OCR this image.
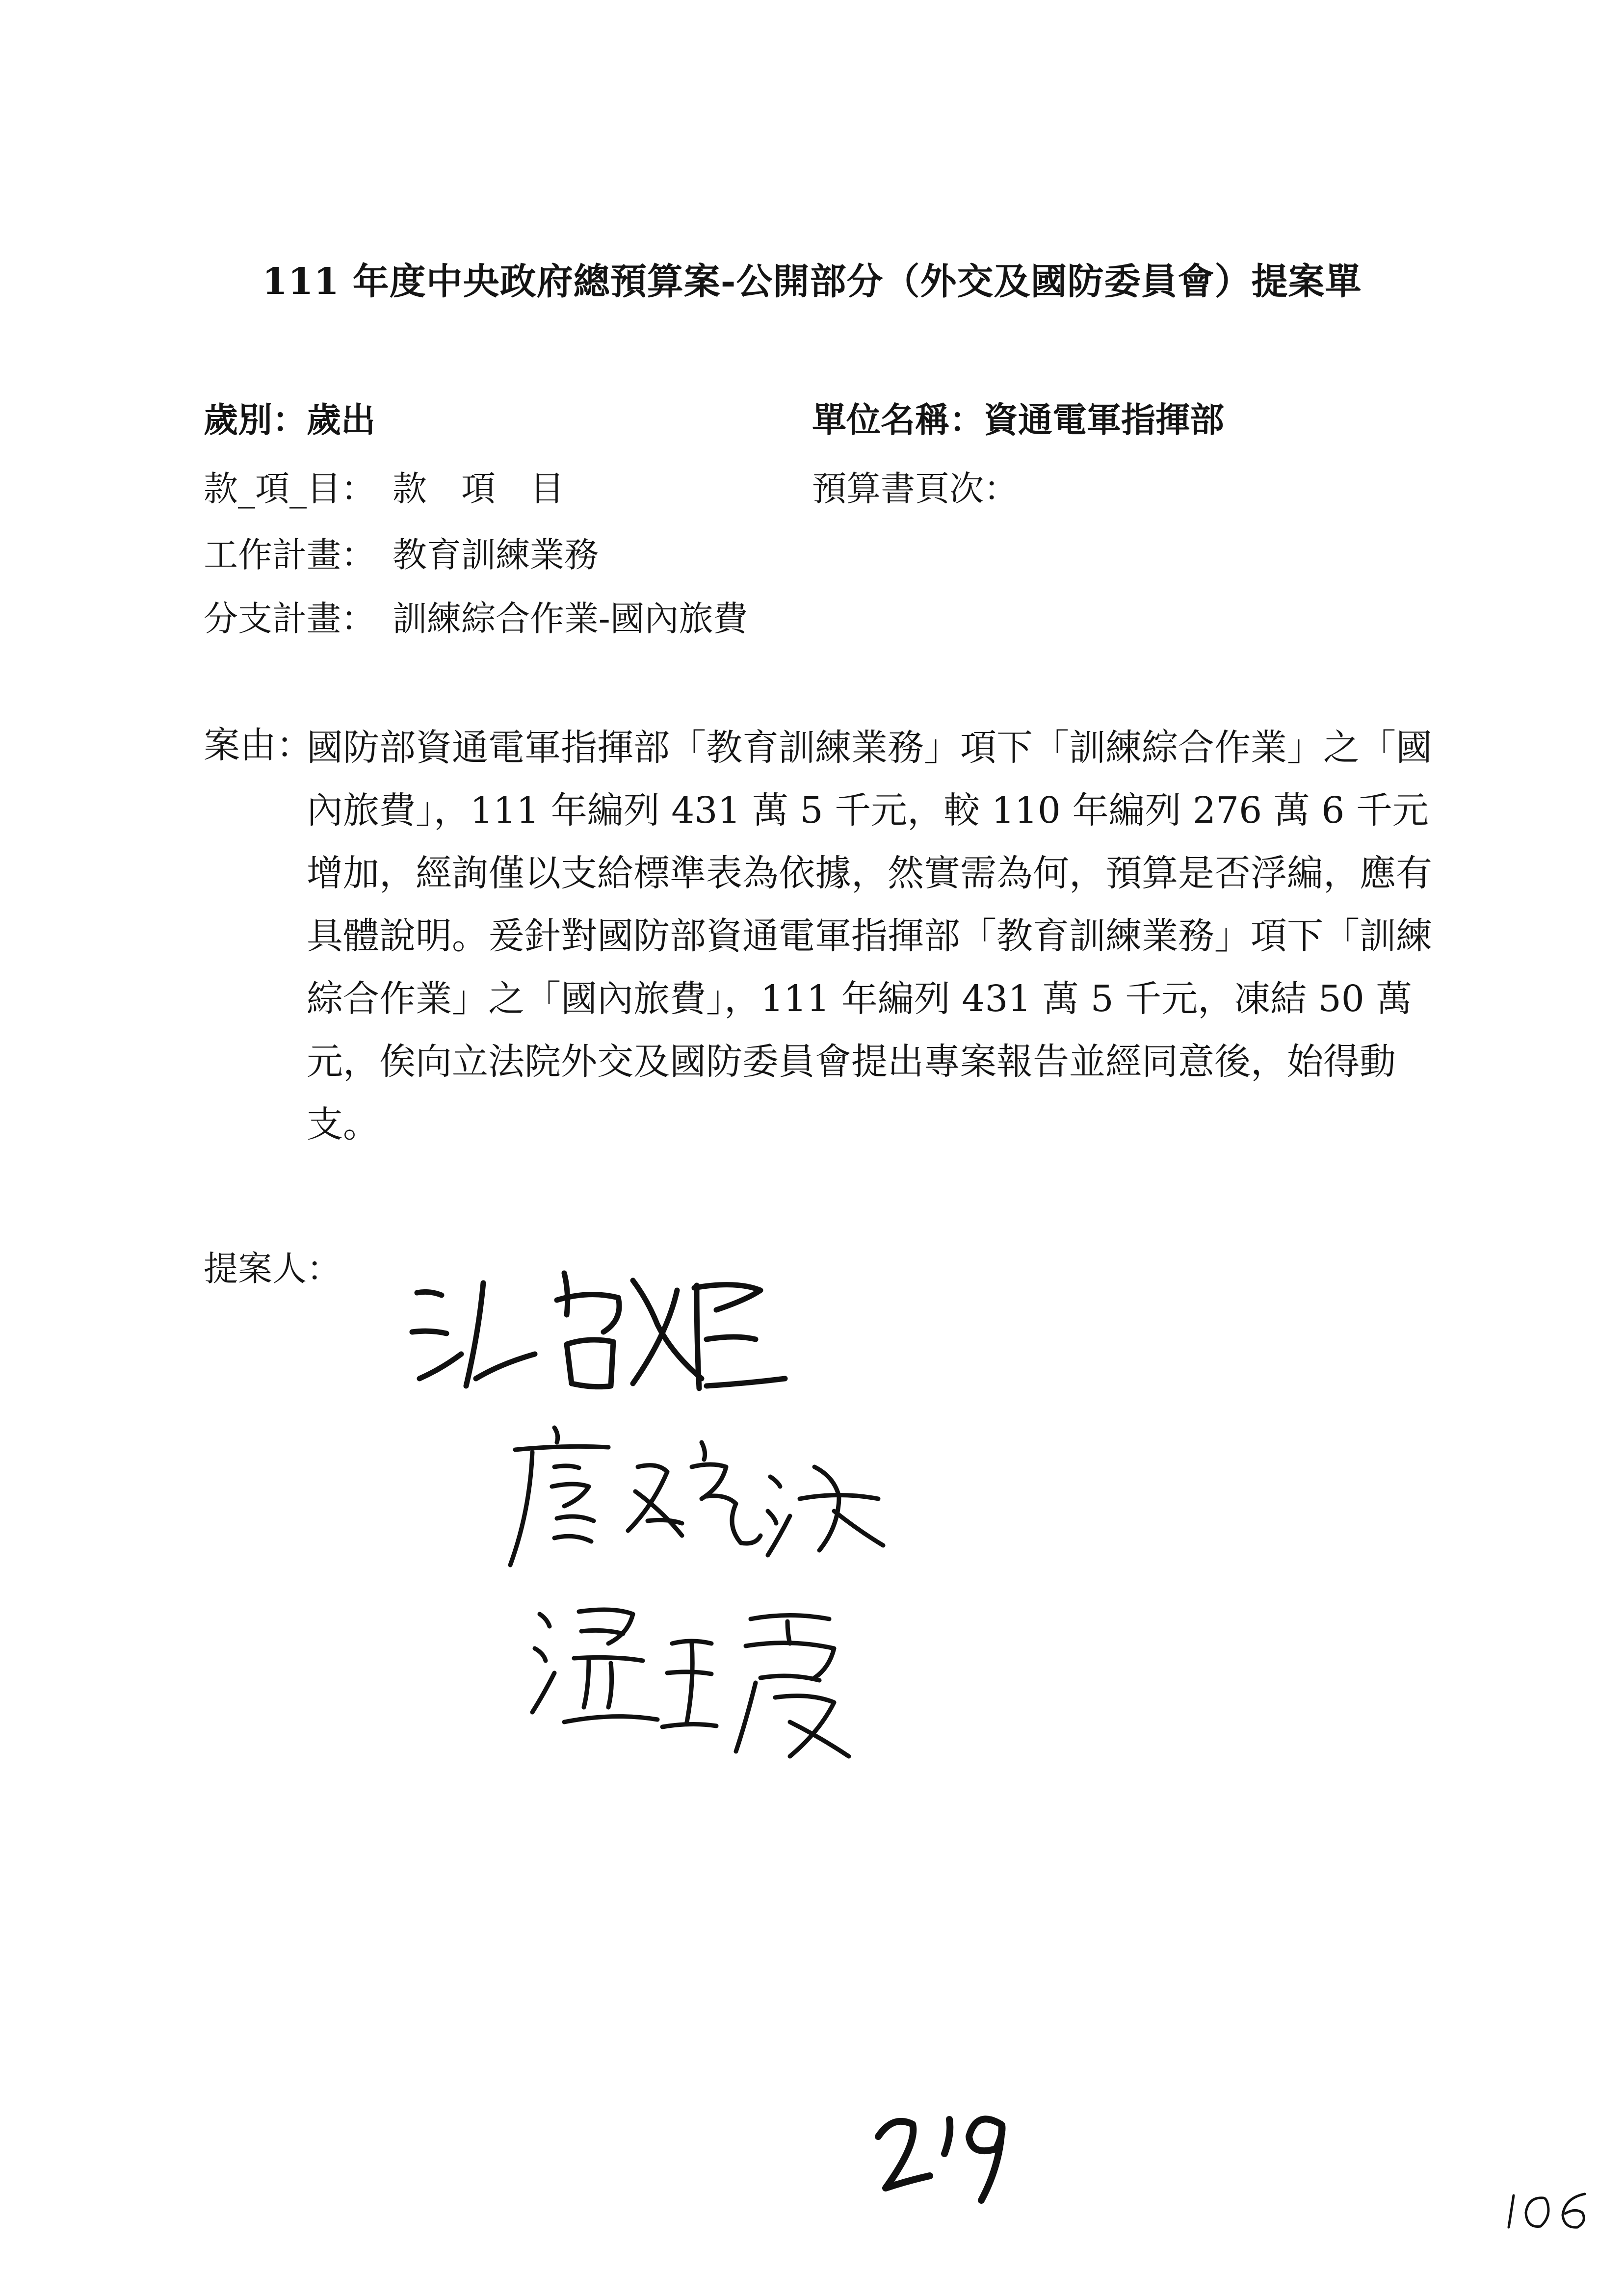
111 年度中央政府總預算案-公開部分（外交及國防委員會）提案單
歲別：歲出	單位名稱：資通電軍指揮部
款_項_目：　款　項　目	預算書頁次：
工作計畫：　教育訓練業務
分支計畫：　訓練綜合作業-國內旅費
案由：

國防部資通電軍指揮部「教育訓練業務」項下「訓練綜合作業」之「國內旅費」，111 年編列 431 萬 5 千元，較 110 年編列 276 萬 6 千元增加，經詢僅以支給標準表為依據，然實需為何，預算是否浮編，應有具體說明。爰針對國防部資通電軍指揮部「教育訓練業務」項下「訓練綜合作業」之「國內旅費」，111 年編列 431 萬 5 千元，凍結 50 萬元，俟向立法院外交及國防委員會提出專案報告並經同意後，始得動支。

提案人：
